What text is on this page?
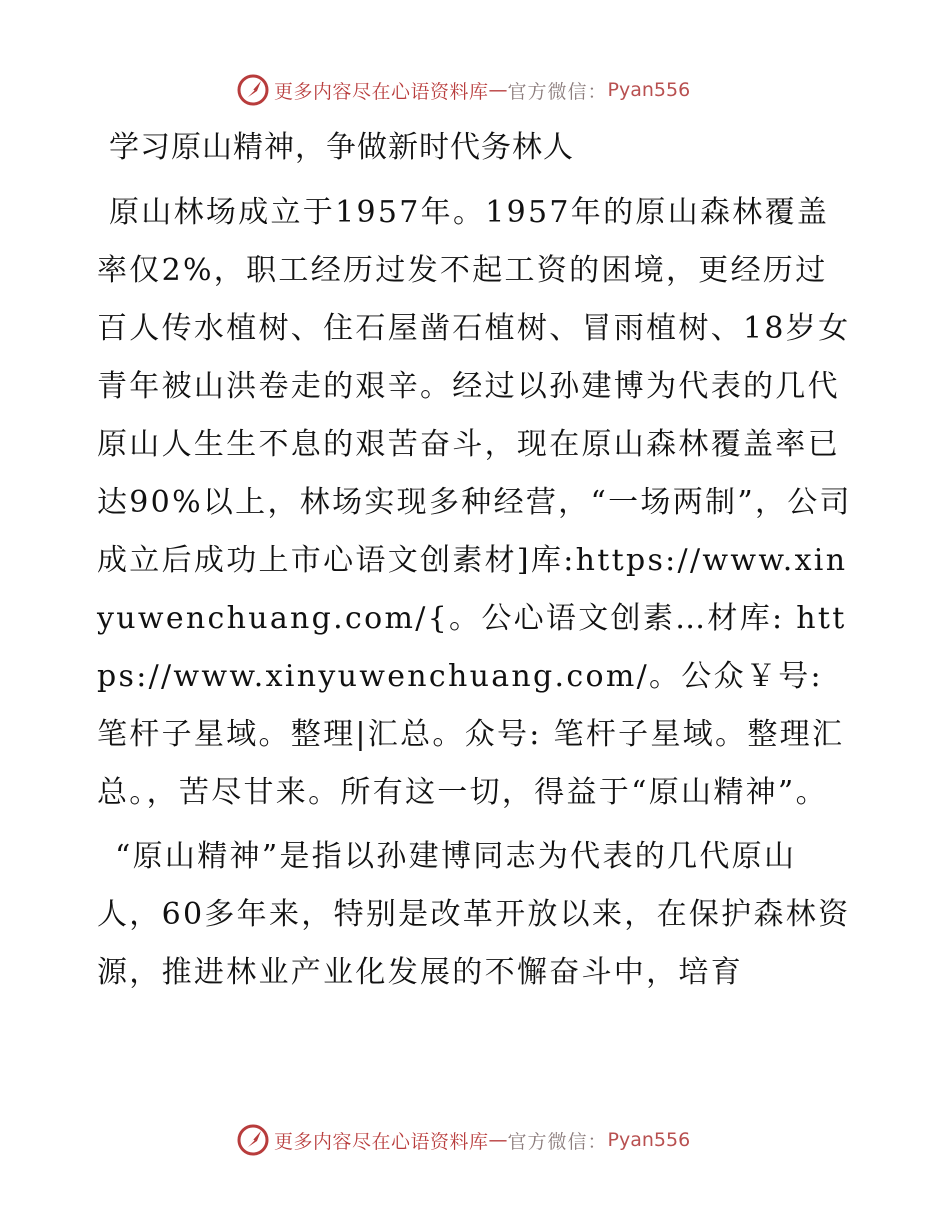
更多内容尽在心语资料库 — 官方微信： Pyan556
学习原山精神，争做新时代务林人

原山林场成立于1957年。1957年的原山森林覆盖率仅2%，职工经历过发不起工资的困境，更经历过百人传水植树、住石屋凿石植树、冒雨植树、18岁女青年被山洪卷走的艰辛。经过以孙建博为代表的几代原山人生生不息的艰苦奋斗，现在原山森林覆盖率已达90%以上，林场实现多种经营，“一场两制”，公司成立后成功上市心语文创素材]库:https://www.xinyuwenchuang.com/{。公心语文创素…材库: https://www.xinyuwenchuang.com/。公众￥号: 笔杆子星域。整理|汇总。众号: 笔杆子星域。整理汇总。，苦尽甘来。所有这一切，得益于“原山精神”。

“原山精神”是指以孙建博同志为代表的几代原山人，60多年来，特别是改革开放以来，在保护森林资源，推进林业产业化发展的不懈奋斗中，培育

更多内容尽在心语资料库 — 官方微信： Pyan556
